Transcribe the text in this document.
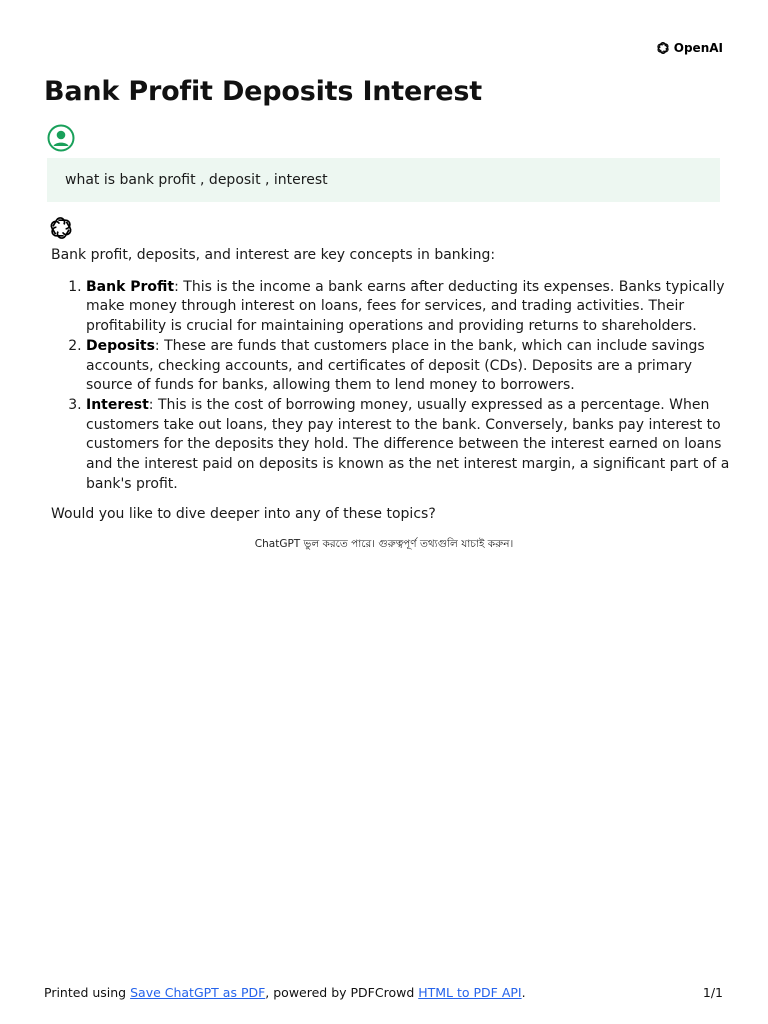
OpenAI
Bank Profit Deposits Interest
what is bank profit , deposit , interest

Bank profit, deposits, and interest are key concepts in banking:

1. Bank Profit: This is the income a bank earns after deducting its expenses. Banks typically make money through interest on loans, fees for services, and trading activities. Their profitability is crucial for maintaining operations and providing returns to shareholders.
2. Deposits: These are funds that customers place in the bank, which can include savings accounts, checking accounts, and certificates of deposit (CDs). Deposits are a primary source of funds for banks, allowing them to lend money to borrowers.
3. Interest: This is the cost of borrowing money, usually expressed as a percentage. When customers take out loans, they pay interest to the bank. Conversely, banks pay interest to customers for the deposits they hold. The difference between the interest earned on loans and the interest paid on deposits is known as the net interest margin, a significant part of a bank's profit.

Would you like to dive deeper into any of these topics?

ChatGPT ভুল করতে পারে। গুরুত্বপূর্ণ তথ্যগুলি যাচাই করুন।
Printed using Save ChatGPT as PDF, powered by PDFCrowd HTML to PDF API.	1/1
